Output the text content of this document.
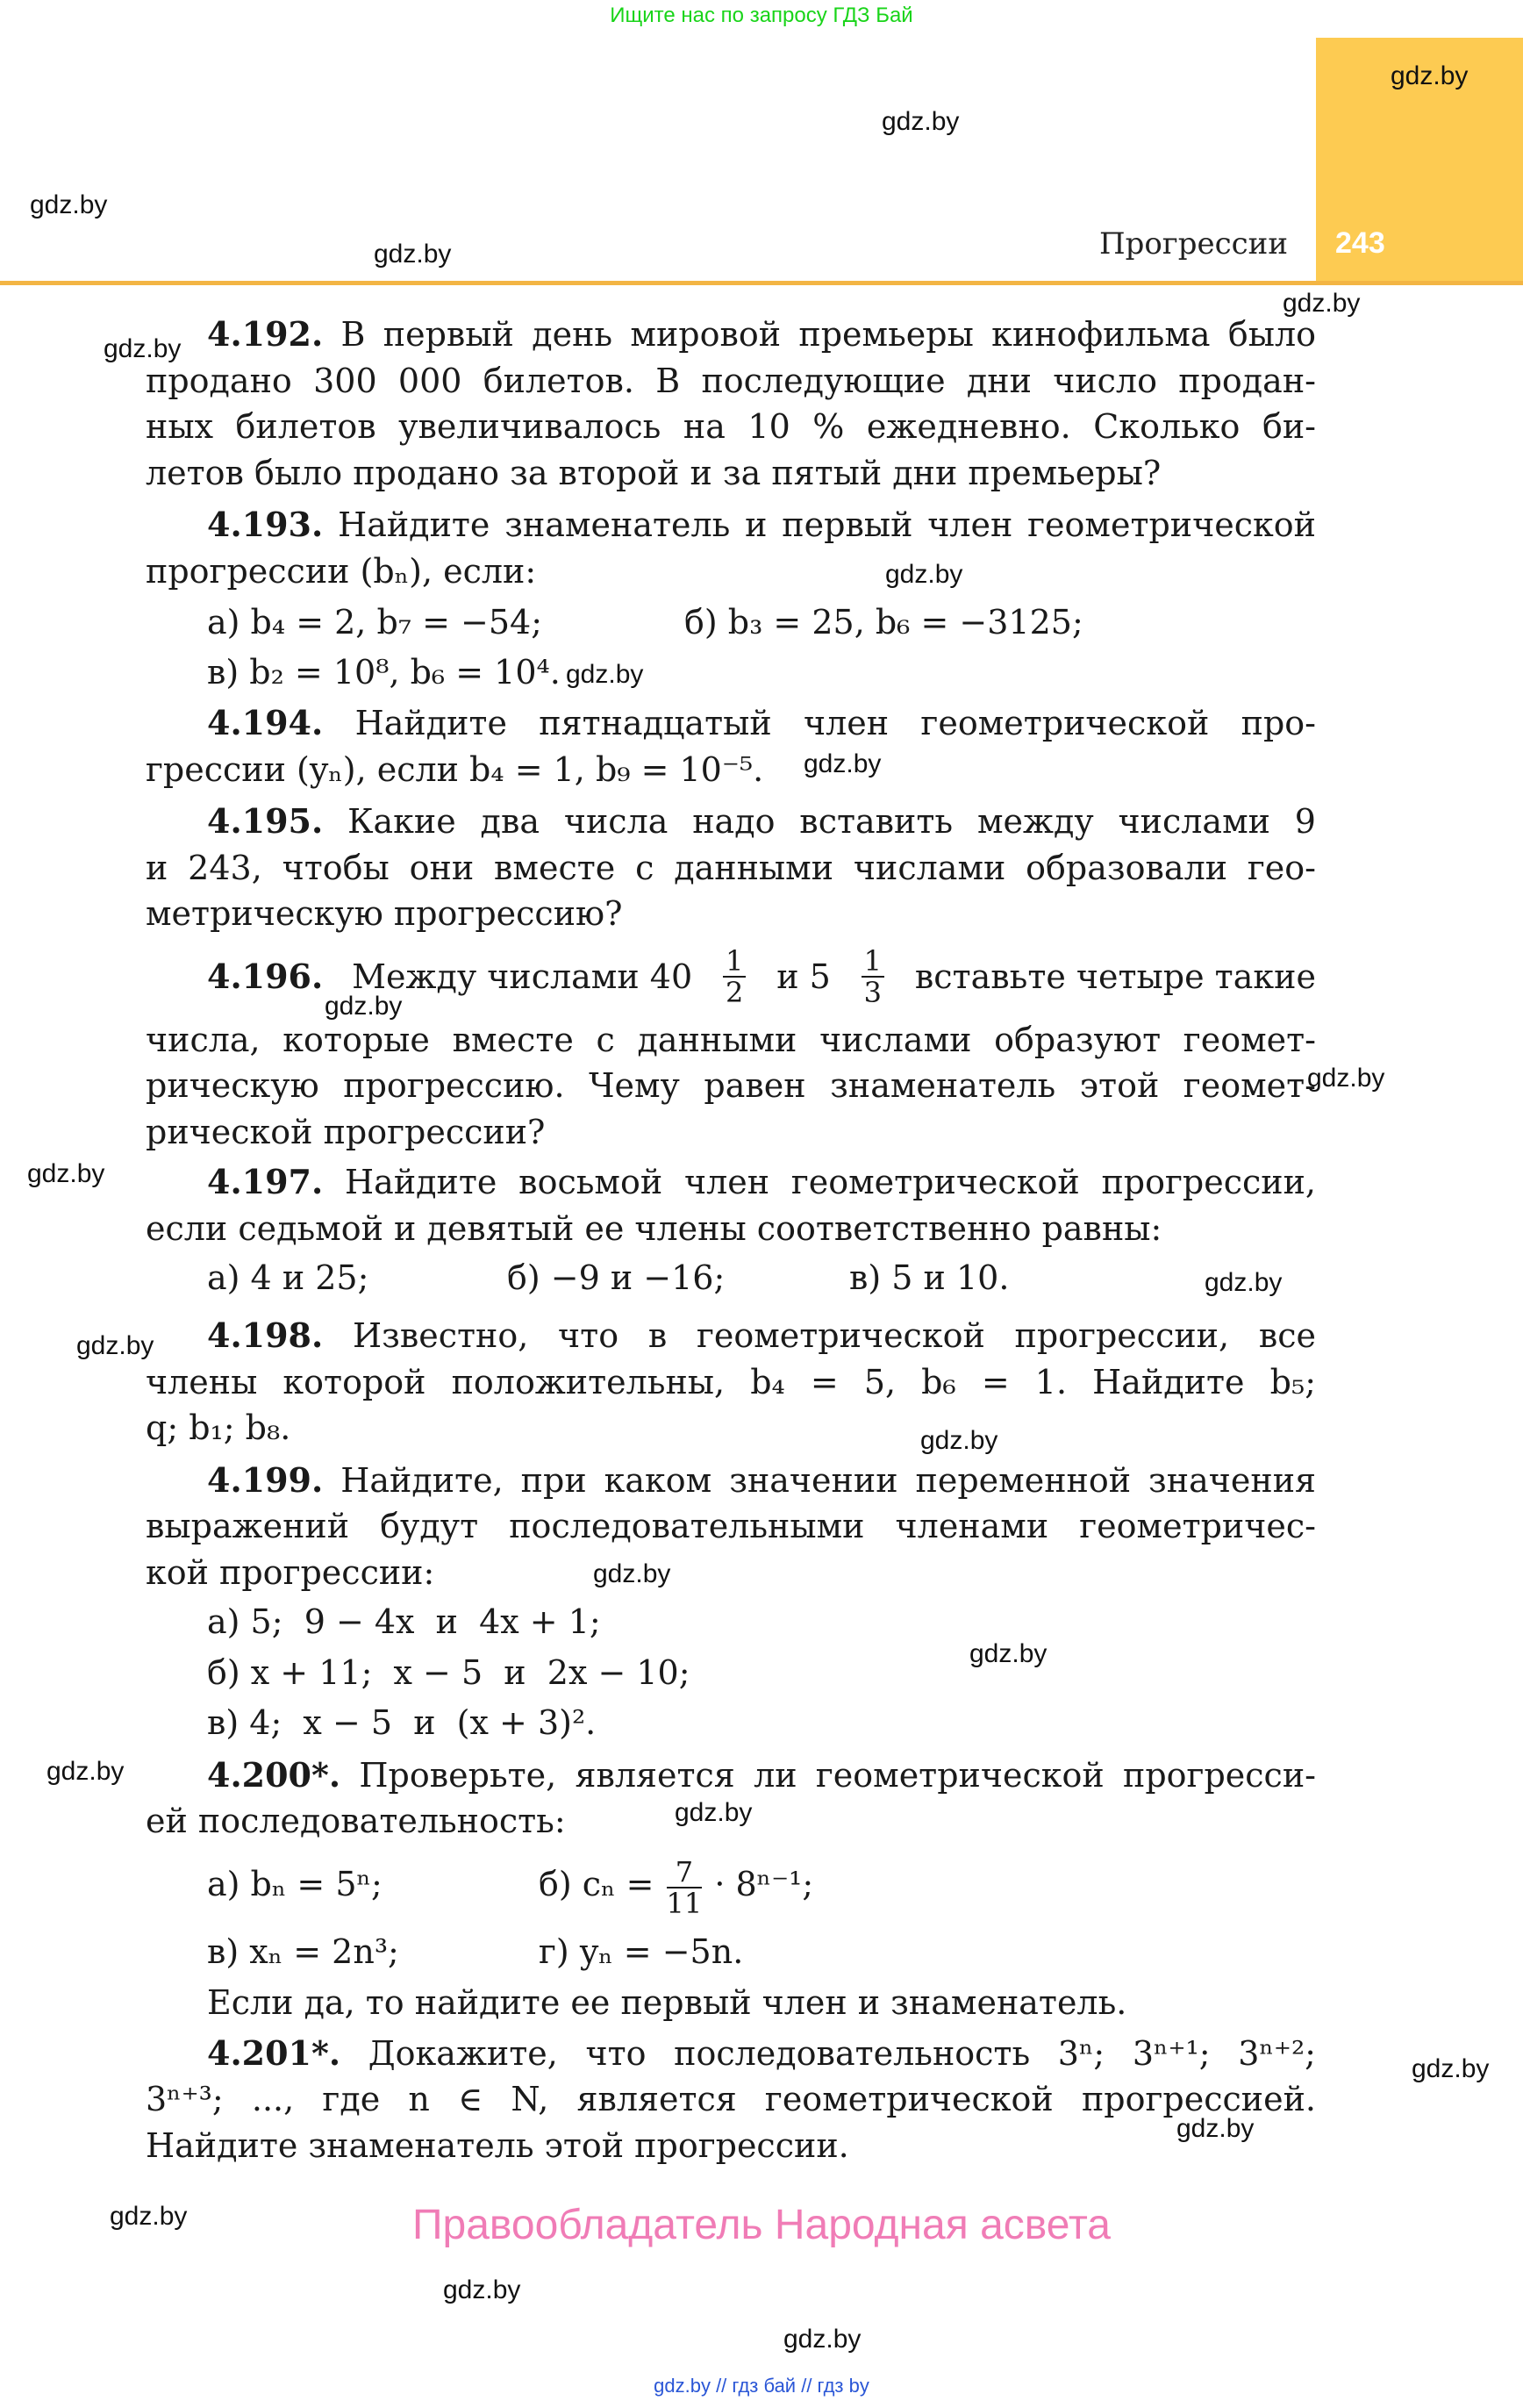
Ищите нас по запросу ГДЗ Бай
Прогрессии 243
4.192. В первый день мировой премьеры кинофильма было
продано 300 000 билетов. В последующие дни число продан-
ных билетов увеличивалось на 10 % ежедневно. Сколько би-
летов было продано за второй и за пятый дни премьеры?
4.193. Найдите знаменатель и первый член геометрической
прогрессии (bₙ), если:
а) b₄ = 2, b₇ = −54;	б) b₃ = 25, b₆ = −3125;
в) b₂ = 10⁸, b₆ = 10⁴.
4.194. Найдите пятнадцатый член геометрической про-
грессии (yₙ), если b₄ = 1, b₉ = 10⁻⁵.
4.195. Какие два числа надо вставить между числами 9
и 243, чтобы они вместе с данными числами образовали гео-
метрическую прогрессию?
4.196. Между числами $40 \frac{1}{2}$ и $5 \frac{1}{3}$ вставьте четыре такие
числа, которые вместе с данными числами образуют геомет-
рическую прогрессию. Чему равен знаменатель этой геомет-
рической прогрессии?
4.197. Найдите восьмой член геометрической прогрессии,
если седьмой и девятый ее члены соответственно равны:
а) 4 и 25;	б) −9 и −16;	в) 5 и 10.
4.198. Известно, что в геометрической прогрессии, все
члены которой положительны, b₄ = 5, b₆ = 1. Найдите b₅;
q; b₁; b₈.
4.199. Найдите, при каком значении переменной значения
выражений будут последовательными членами геометричес-
кой прогрессии:
а) 5;  9 − 4x  и  4x + 1;
б) x + 11;  x − 5  и  2x − 10;
в) 4;  x − 5  и  (x + 3)².
4.200*. Проверьте, является ли геометрической прогресси-
ей последовательность:
а) bₙ = 5ⁿ;	б) $c_n = \frac{7}{11} \cdot 8^{n-1}$;
в) xₙ = 2n³;	г) yₙ = −5n.
Если да, то найдите ее первый член и знаменатель.
4.201*. Докажите, что последовательность 3ⁿ; 3ⁿ⁺¹; 3ⁿ⁺²;
3ⁿ⁺³; ..., где n ∈ N, является геометрической прогрессией.
Найдите знаменатель этой прогрессии.
Правообладатель Народная асвета
gdz.by // гдз бай // гдз by
gdz.by
gdz.by
gdz.by
gdz.by
gdz.by
gdz.by
gdz.by
gdz.by
gdz.by
gdz.by
gdz.by
gdz.by
gdz.by
gdz.by
gdz.by
gdz.by
gdz.by
gdz.by
gdz.by
gdz.by
gdz.by
gdz.by
gdz.by
gdz.by
